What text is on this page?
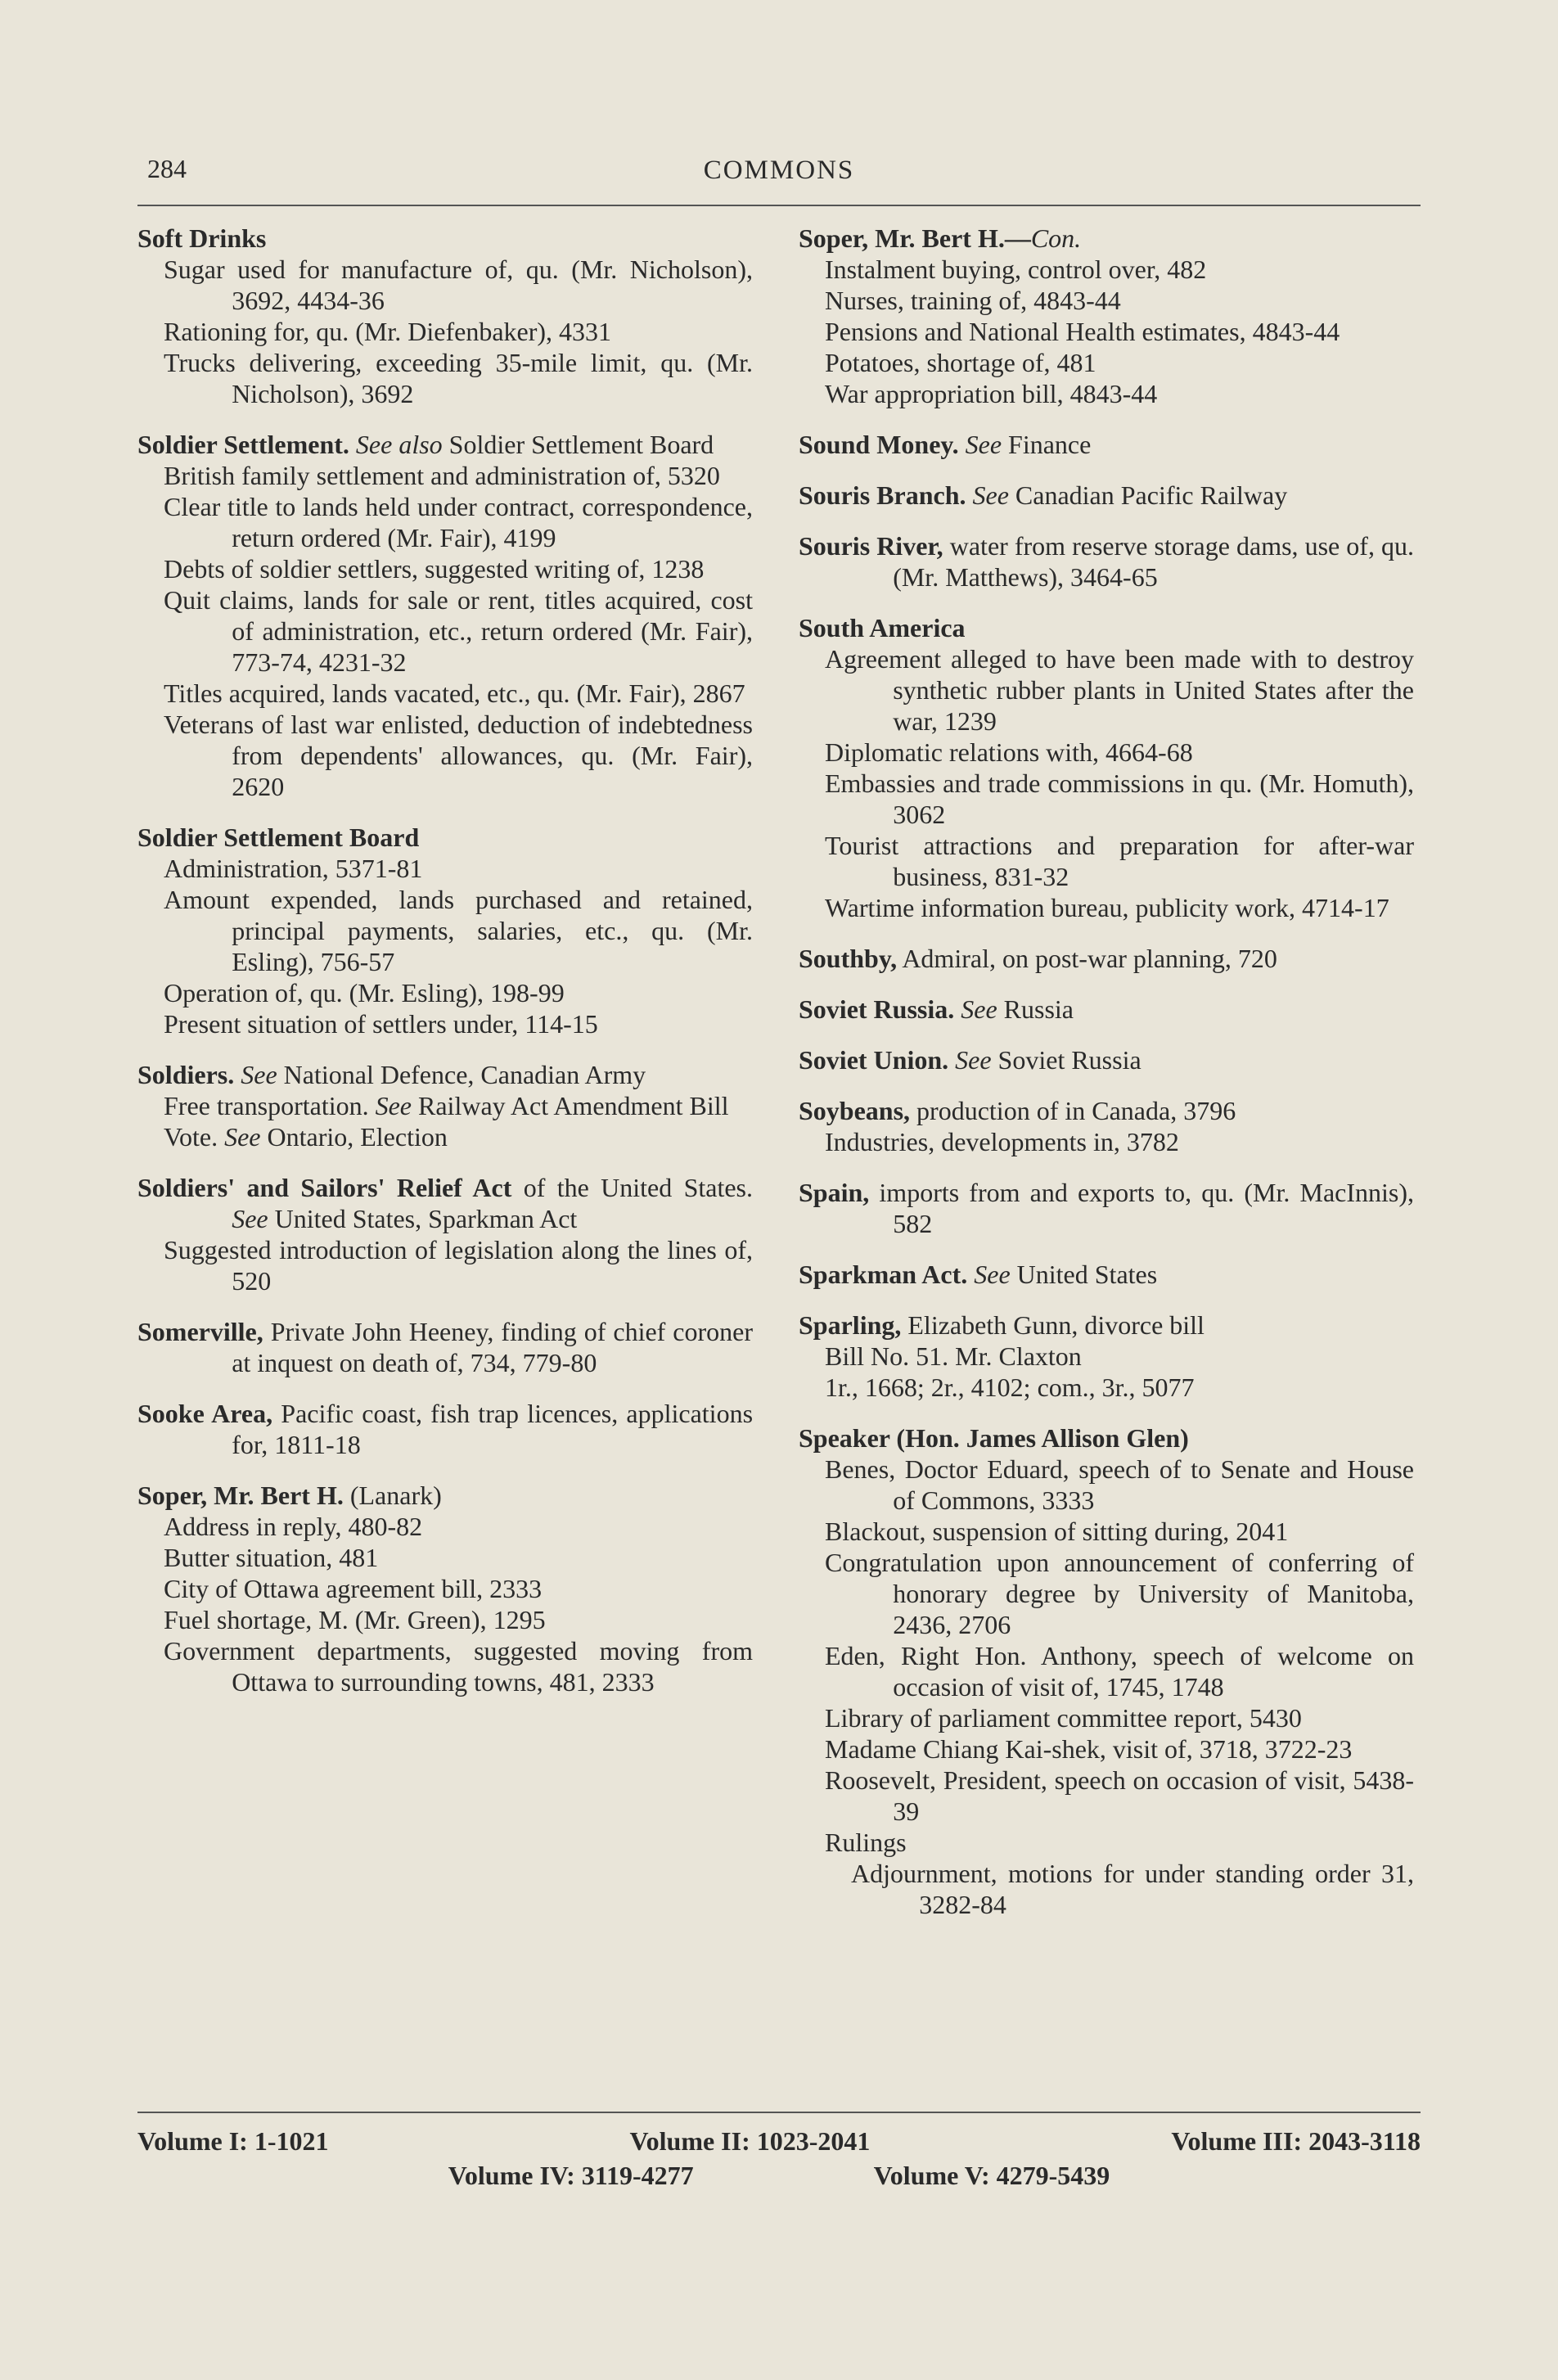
284	COMMONS

Soft Drinks

Sugar used for manufacture of, qu. (Mr. Nicholson), 3692, 4434-36

Rationing for, qu. (Mr. Diefenbaker), 4331

Trucks delivering, exceeding 35-mile limit, qu. (Mr. Nicholson), 3692

Soldier Settlement. See also Soldier Settlement Board

British family settlement and administration of, 5320

Clear title to lands held under contract, correspondence, return ordered (Mr. Fair), 4199

Debts of soldier settlers, suggested writing of, 1238

Quit claims, lands for sale or rent, titles acquired, cost of administration, etc., return ordered (Mr. Fair), 773-74, 4231-32

Titles acquired, lands vacated, etc., qu. (Mr. Fair), 2867

Veterans of last war enlisted, deduction of indebtedness from dependents' allowances, qu. (Mr. Fair), 2620

Soldier Settlement Board

Administration, 5371-81

Amount expended, lands purchased and retained, principal payments, salaries, etc., qu. (Mr. Esling), 756-57

Operation of, qu. (Mr. Esling), 198-99

Present situation of settlers under, 114-15

Soldiers. See National Defence, Canadian Army

Free transportation. See Railway Act Amendment Bill

Vote. See Ontario, Election

Soldiers' and Sailors' Relief Act of the United States. See United States, Sparkman Act

Suggested introduction of legislation along the lines of, 520

Somerville, Private John Heeney, finding of chief coroner at inquest on death of, 734, 779-80

Sooke Area, Pacific coast, fish trap licences, applications for, 1811-18

Soper, Mr. Bert H. (Lanark)

Address in reply, 480-82

Butter situation, 481

City of Ottawa agreement bill, 2333

Fuel shortage, M. (Mr. Green), 1295

Government departments, suggested moving from Ottawa to surrounding towns, 481, 2333

Soper, Mr. Bert H.—Con.

Instalment buying, control over, 482

Nurses, training of, 4843-44

Pensions and National Health estimates, 4843-44

Potatoes, shortage of, 481

War appropriation bill, 4843-44

Sound Money. See Finance

Souris Branch. See Canadian Pacific Railway

Souris River, water from reserve storage dams, use of, qu. (Mr. Matthews), 3464-65

South America

Agreement alleged to have been made with to destroy synthetic rubber plants in United States after the war, 1239

Diplomatic relations with, 4664-68

Embassies and trade commissions in qu. (Mr. Homuth), 3062

Tourist attractions and preparation for after-war business, 831-32

Wartime information bureau, publicity work, 4714-17

Southby, Admiral, on post-war planning, 720

Soviet Russia. See Russia

Soviet Union. See Soviet Russia

Soybeans, production of in Canada, 3796

Industries, developments in, 3782

Spain, imports from and exports to, qu. (Mr. MacInnis), 582

Sparkman Act. See United States

Sparling, Elizabeth Gunn, divorce bill

Bill No. 51. Mr. Claxton

1r., 1668; 2r., 4102; com., 3r., 5077

Speaker (Hon. James Allison Glen)

Benes, Doctor Eduard, speech of to Senate and House of Commons, 3333

Blackout, suspension of sitting during, 2041

Congratulation upon announcement of conferring of honorary degree by University of Manitoba, 2436, 2706

Eden, Right Hon. Anthony, speech of welcome on occasion of visit of, 1745, 1748

Library of parliament committee report, 5430

Madame Chiang Kai-shek, visit of, 3718, 3722-23

Roosevelt, President, speech on occasion of visit, 5438-39

Rulings

Adjournment, motions for under standing order 31, 3282-84

Volume I: 1-1021	Volume II: 1023-2041	Volume III: 2043-3118
Volume IV: 3119-4277	Volume V: 4279-5439
